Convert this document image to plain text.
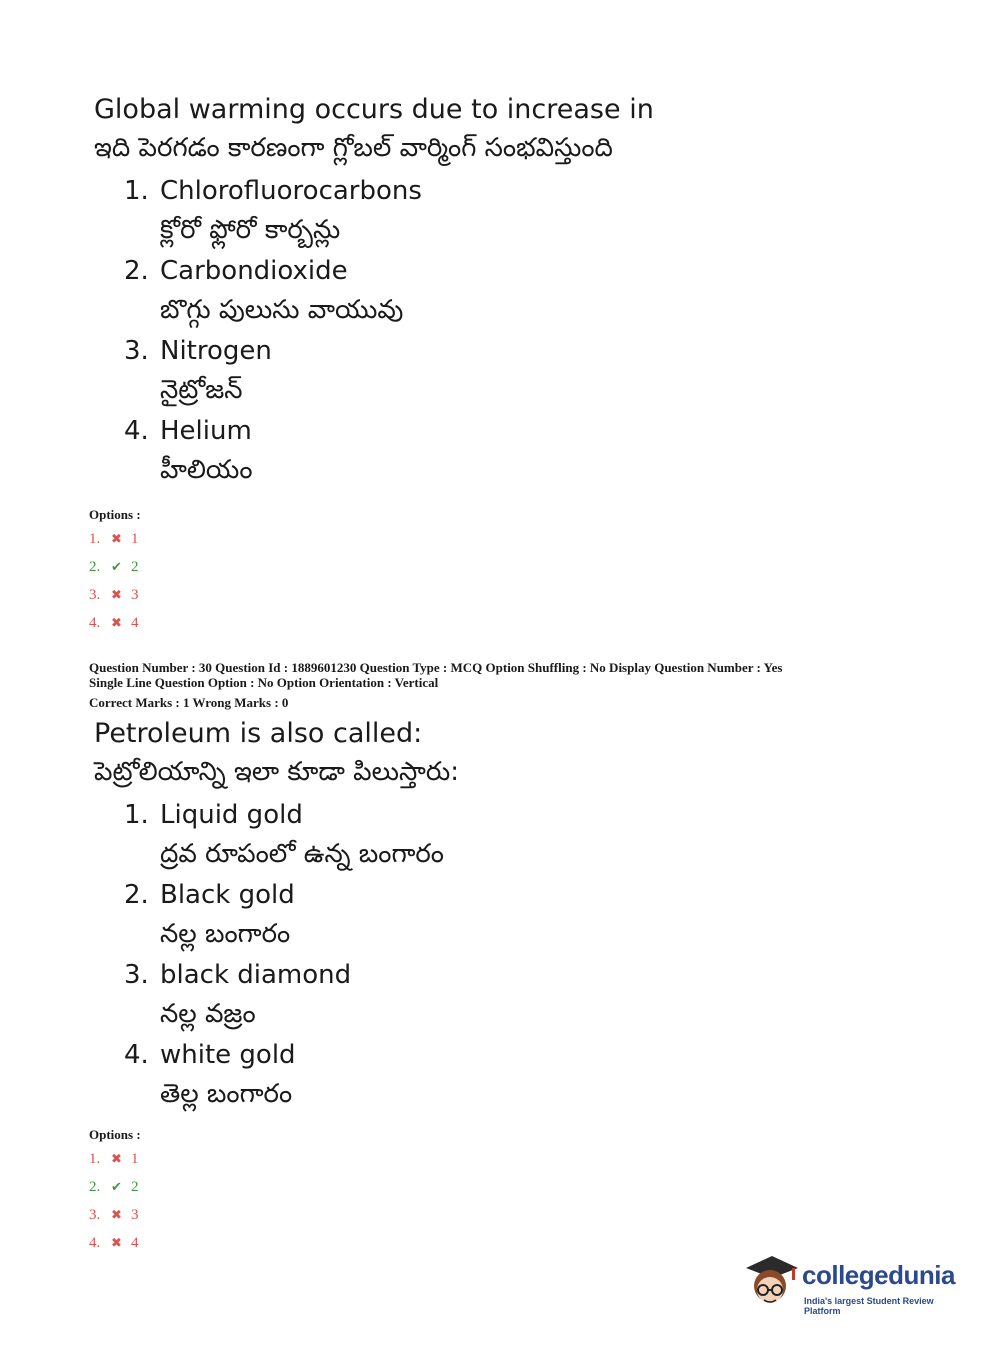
Global warming occurs due to increase in
ఇది పెరగడం కారణంగా గ్లోబల్ వార్మింగ్ సంభవిస్తుంది
1. Chlorofluorocarbons
క్లోరో ఫ్లోరో కార్బన్లు
2. Carbondioxide
బొగ్గు పులుసు వాయువు
3. Nitrogen
నైట్రోజన్
4. Helium
హీలియం
Options :
1. ✖ 1
2. ✔ 2
3. ✖ 3
4. ✖ 4
Question Number : 30 Question Id : 1889601230 Question Type : MCQ Option Shuffling : No Display Question Number : Yes
Single Line Question Option : No Option Orientation : Vertical
Correct Marks : 1 Wrong Marks : 0
Petroleum is also called:
పెట్రోలియాన్ని ఇలా కూడా పిలుస్తారు:
1. Liquid gold
ద్రవ రూపంలో ఉన్న బంగారం
2. Black gold
నల్ల బంగారం
3. black diamond
నల్ల వజ్రం
4. white gold
తెల్ల బంగారం
Options :
1. ✖ 1
2. ✔ 2
3. ✖ 3
4. ✖ 4
collegedunia
India's largest Student Review Platform
